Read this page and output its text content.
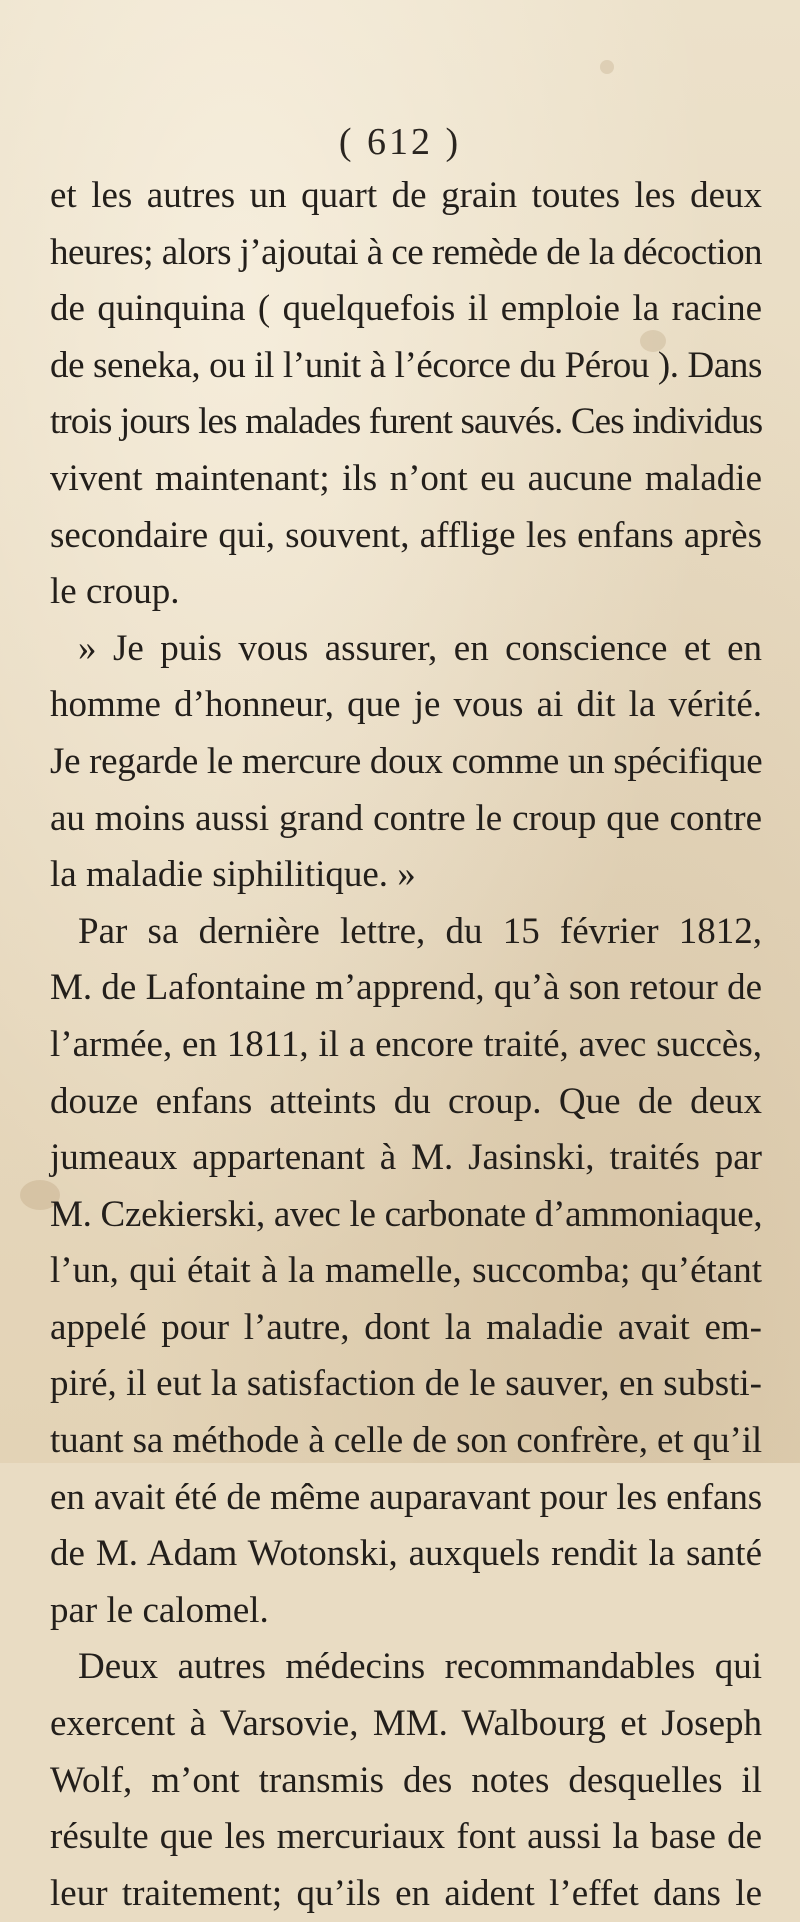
( 612 )
et les autres un quart de grain toutes les deux
heures; alors j’ajoutai à ce remède de la décoction
de quinquina ( quelquefois il emploie la racine
de seneka, ou il l’unit à l’écorce du Pérou ). Dans
trois jours les malades furent sauvés. Ces individus
vivent maintenant; ils n’ont eu aucune maladie
secondaire qui, souvent, afflige les enfans après
le croup.
» Je puis vous assurer, en conscience et en
homme d’honneur, que je vous ai dit la vérité.
Je regarde le mercure doux comme un spécifique
au moins aussi grand contre le croup que contre
la maladie siphilitique. »
Par sa dernière lettre, du 15 février 1812,
M. de Lafontaine m’apprend, qu’à son retour de
l’armée, en 1811, il a encore traité, avec succès,
douze enfans atteints du croup. Que de deux
jumeaux appartenant à M. Jasinski, traités par
M. Czekierski, avec le carbonate d’ammoniaque,
l’un, qui était à la mamelle, succomba; qu’étant
appelé pour l’autre, dont la maladie avait em-
piré, il eut la satisfaction de le sauver, en substi-
tuant sa méthode à celle de son confrère, et qu’il
en avait été de même auparavant pour les enfans
de M. Adam Wotonski, auxquels rendit la santé
par le calomel.
Deux autres médecins recommandables qui
exercent à Varsovie, MM. Walbourg et Joseph
Wolf, m’ont transmis des notes desquelles il
résulte que les mercuriaux font aussi la base de
leur traitement; qu’ils en aident l’effet dans le
